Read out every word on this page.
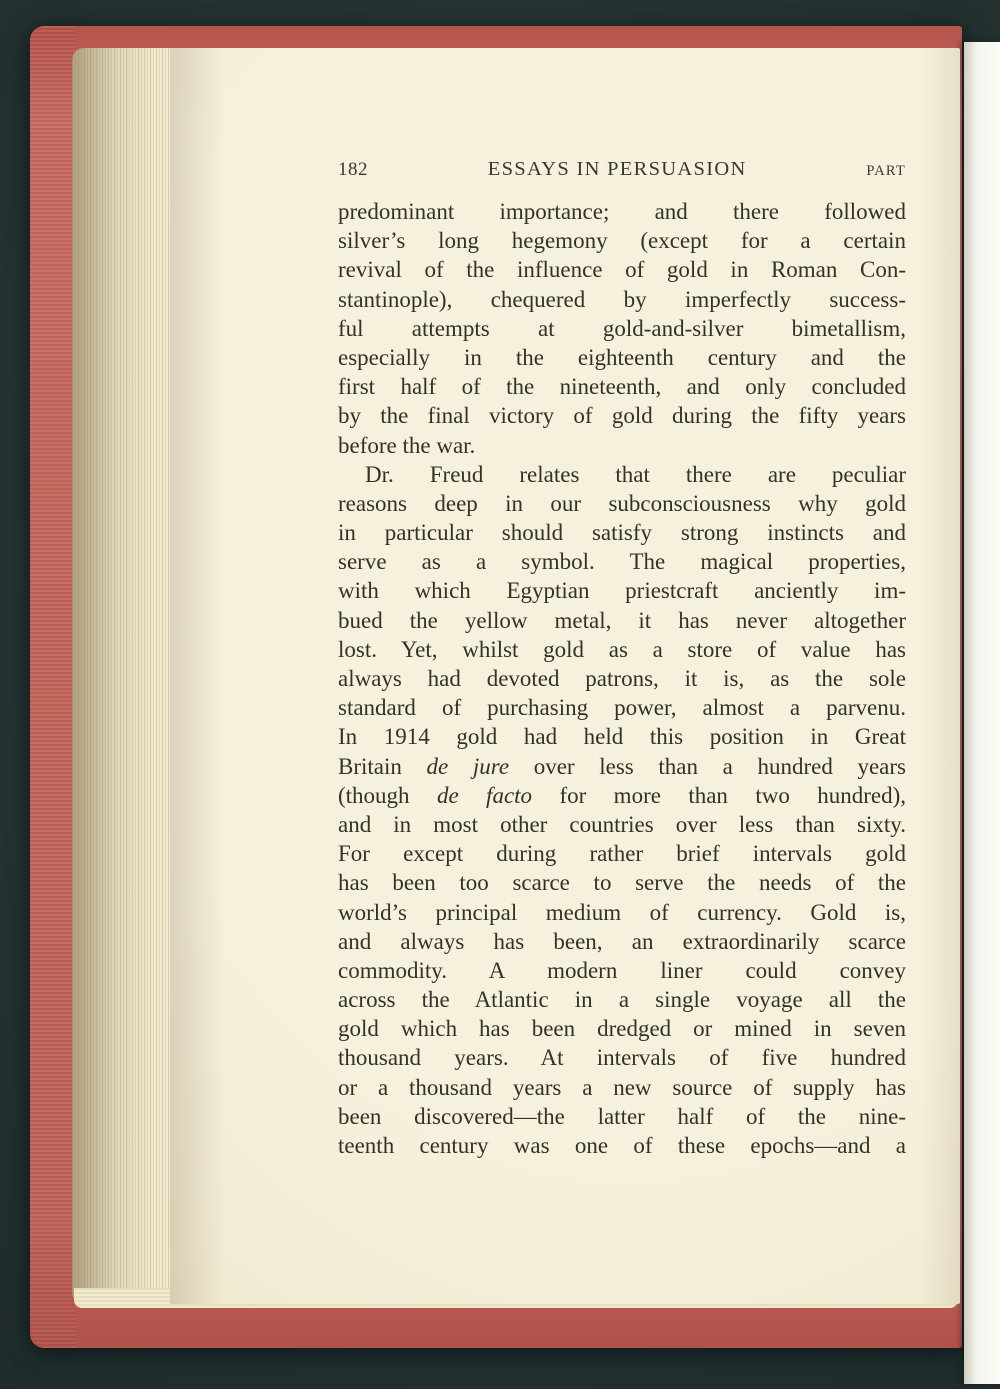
182	ESSAYS IN PERSUASION	PART
predominant importance; and there followed
silver’s long hegemony (except for a certain
revival of the influence of gold in Roman Con-
stantinople), chequered by imperfectly success-
ful attempts at gold-and-silver bimetallism,
especially in the eighteenth century and the
first half of the nineteenth, and only concluded
by the final victory of gold during the fifty years
before the war.
Dr. Freud relates that there are peculiar
reasons deep in our subconsciousness why gold
in particular should satisfy strong instincts and
serve as a symbol. The magical properties,
with which Egyptian priestcraft anciently im-
bued the yellow metal, it has never altogether
lost. Yet, whilst gold as a store of value has
always had devoted patrons, it is, as the sole
standard of purchasing power, almost a parvenu.
In 1914 gold had held this position in Great
Britain de jure over less than a hundred years
(though de facto for more than two hundred),
and in most other countries over less than sixty.
For except during rather brief intervals gold
has been too scarce to serve the needs of the
world’s principal medium of currency. Gold is,
and always has been, an extraordinarily scarce
commodity. A modern liner could convey
across the Atlantic in a single voyage all the
gold which has been dredged or mined in seven
thousand years. At intervals of five hundred
or a thousand years a new source of supply has
been discovered—the latter half of the nine-
teenth century was one of these epochs—and a
